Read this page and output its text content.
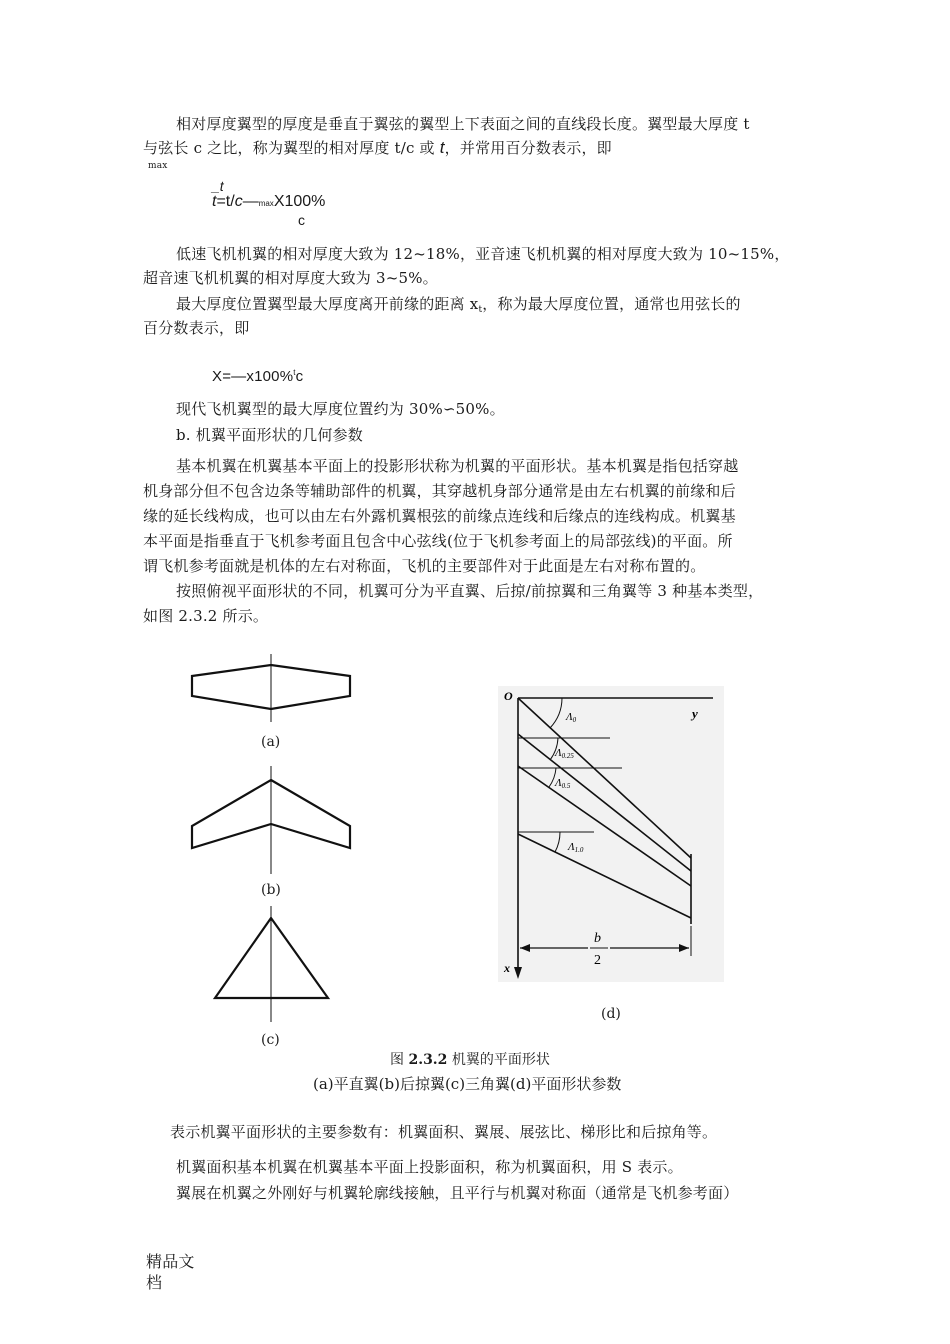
相对厚度翼型的厚度是垂直于翼弦的翼型上下表面之间的直线段长度。翼型最大厚度 t
与弦长 c 之比，称为翼型的相对厚度 t/c 或 t，并常用百分数表示，即
max
_t
t=t/c—maxX100%
c
低速飞机机翼的相对厚度大致为 12~18%，亚音速飞机机翼的相对厚度大致为 10~15%，
超音速飞机机翼的相对厚度大致为 3~5%。
最大厚度位置翼型最大厚度离开前缘的距离 $x_t$，称为最大厚度位置，通常也用弦长的
百分数表示，即
X=—x100%$^t$c
现代飞机翼型的最大厚度位置约为 30%∽50%。
b. 机翼平面形状的几何参数
基本机翼在机翼基本平面上的投影形状称为机翼的平面形状。基本机翼是指包括穿越
机身部分但不包含边条等辅助部件的机翼，其穿越机身部分通常是由左右机翼的前缘和后
缘的延长线构成，也可以由左右外露机翼根弦的前缘点连线和后缘点的连线构成。机翼基
本平面是指垂直于飞机参考面且包含中心弦线(位于飞机参考面上的局部弦线)的平面。所
谓飞机参考面就是机体的左右对称面，飞机的主要部件对于此面是左右对称布置的。
按照俯视平面形状的不同，机翼可分为平直翼、后掠/前掠翼和三角翼等 3 种基本类型，
如图 2.3.2 所示。
(a)
(b)
(c)
O
y
x
Λ0
Λ0.25
Λ0.5
Λ1.0
b
2
(d)
图 2.3.2 机翼的平面形状
(a)平直翼(b)后掠翼(c)三角翼(d)平面形状参数
表示机翼平面形状的主要参数有：机翼面积、翼展、展弦比、梯形比和后掠角等。
机翼面积基本机翼在机翼基本平面上投影面积，称为机翼面积，用 S 表示。
翼展在机翼之外刚好与机翼轮廓线接触，且平行与机翼对称面（通常是飞机参考面）
精品文
档
